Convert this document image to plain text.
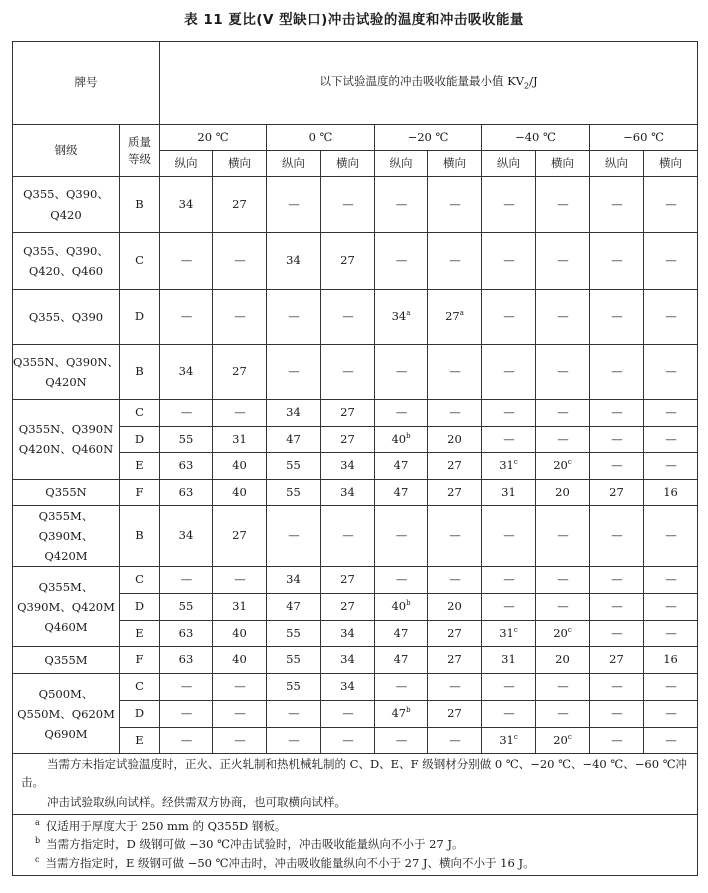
表 11 夏比(V 型缺口)冲击试验的温度和冲击吸收能量
牌号		以下试验温度的冲击吸收能量最小值 $KV_2/J$									
钢级	质量
等级	20 ℃		0 ℃		−20 ℃		−40 ℃		−60 ℃	
		纵向	横向	纵向	横向	纵向	横向	纵向	横向	纵向	横向
Q355、Q390、
Q420	B	34	27	—	—	—	—	—	—	—	—
Q355、Q390、
Q420、Q460	C	—	—	34	27	—	—	—	—	—	—
Q355、Q390	D	—	—	—	—	34$^a$	27$^a$	—	—	—	—
Q355N、Q390N、
Q420N	B	34	27	—	—	—	—	—	—	—	—
Q355N、Q390N
Q420N、Q460N	C	—	—	34	27	—	—	—	—	—	—
	D	55	31	47	27	40$^b$	20	—	—	—	—
	E	63	40	55	34	47	27	31$^c$	20$^c$	—	—
Q355N	F	63	40	55	34	47	27	31	20	27	16
Q355M、Q390M、
Q420M	B	34	27	—	—	—	—	—	—	—	—
Q355M、
Q390M、Q420M
Q460M	C	—	—	34	27	—	—	—	—	—	—
	D	55	31	47	27	40$^b$	20	—	—	—	—
	E	63	40	55	34	47	27	31$^c$	20$^c$	—	—
Q355M	F	63	40	55	34	47	27	31	20	27	16
Q500M、
Q550M、Q620M
Q690M	C	—	—	55	34	—	—	—	—	—	—
	D	—	—	—	—	47$^b$	27	—	—	—	—
	E	—	—	—	—	—	—	31$^c$	20$^c$	—	—

当需方未指定试验温度时，正火、正火轧制和热机械轧制的 C、D、E、F 级钢材分别做 0 ℃、−20 ℃、−40 ℃、−60 ℃冲击。
冲击试验取纵向试样。经供需双方协商，也可取横向试样。											

$^a$ 仅适用于厚度大于 250 mm 的 Q355D 钢板。
$^b$ 当需方指定时，D 级钢可做 −30 ℃冲击试验时，冲击吸收能量纵向不小于 27 J。
$^c$ 当需方指定时，E 级钢可做 −50 ℃冲击时，冲击吸收能量纵向不小于 27 J、横向不小于 16 J。											
